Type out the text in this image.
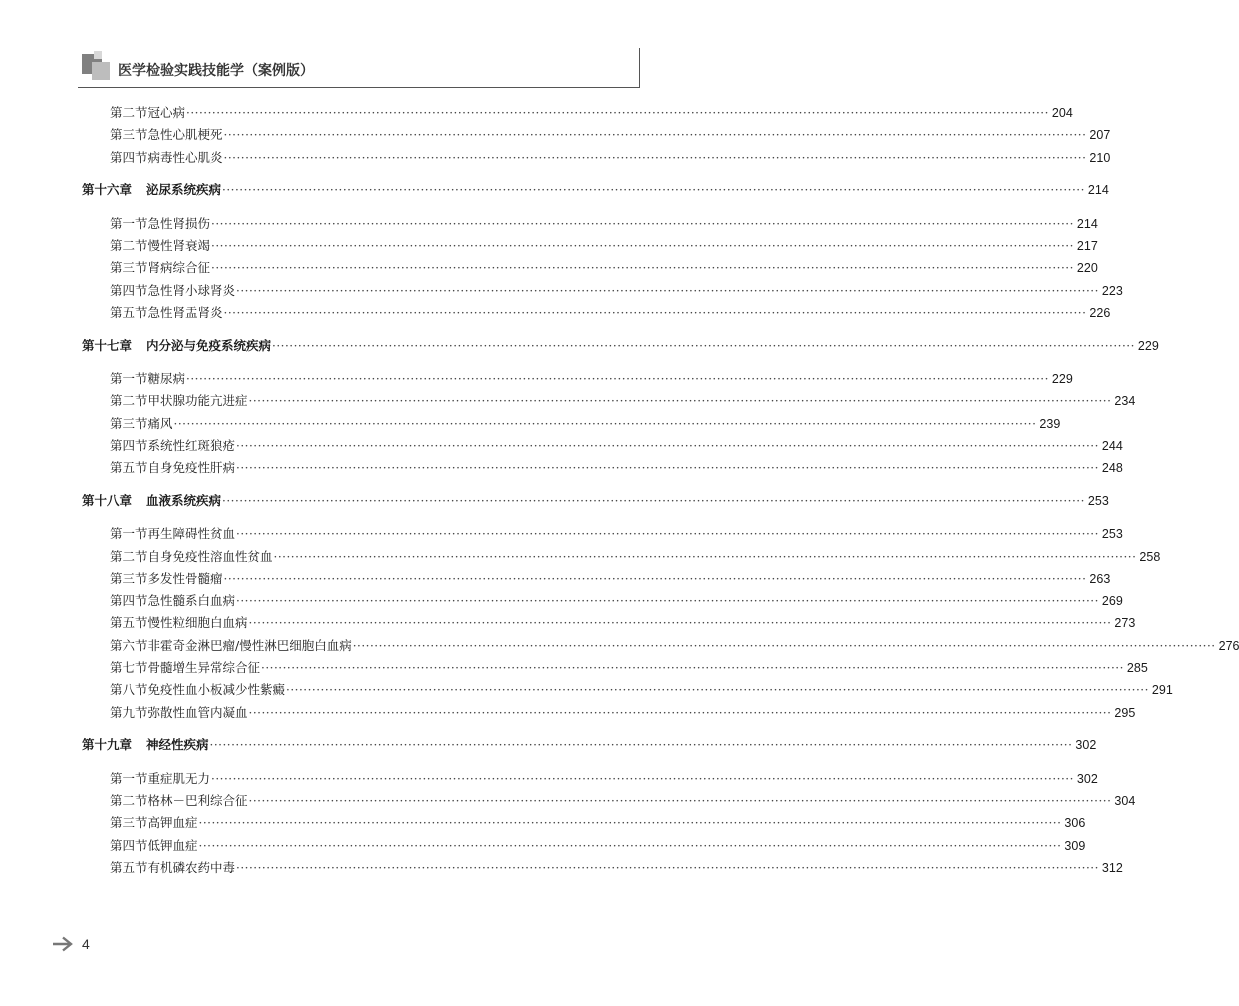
医学检验实践技能学（案例版）
第二节 冠心病 ········································································································································································································ 204
第三节 急性心肌梗死 ········································································································································································································ 207
第四节 病毒性心肌炎 ········································································································································································································ 210
第十六章 泌尿系统疾病 ········································································································································································································ 214
第一节 急性肾损伤 ········································································································································································································ 214
第二节 慢性肾衰竭 ········································································································································································································ 217
第三节 肾病综合征 ········································································································································································································ 220
第四节 急性肾小球肾炎 ········································································································································································································ 223
第五节 急性肾盂肾炎 ········································································································································································································ 226
第十七章 内分泌与免疫系统疾病 ········································································································································································································ 229
第一节 糖尿病 ········································································································································································································ 229
第二节 甲状腺功能亢进症 ········································································································································································································ 234
第三节 痛风 ········································································································································································································ 239
第四节 系统性红斑狼疮 ········································································································································································································ 244
第五节 自身免疫性肝病 ········································································································································································································ 248
第十八章 血液系统疾病 ········································································································································································································ 253
第一节 再生障碍性贫血 ········································································································································································································ 253
第二节 自身免疫性溶血性贫血 ········································································································································································································ 258
第三节 多发性骨髓瘤 ········································································································································································································ 263
第四节 急性髓系白血病 ········································································································································································································ 269
第五节 慢性粒细胞白血病 ········································································································································································································ 273
第六节 非霍奇金淋巴瘤/慢性淋巴细胞白血病 ········································································································································································································ 276
第七节 骨髓增生异常综合征 ········································································································································································································ 285
第八节 免疫性血小板减少性紫癜 ········································································································································································································ 291
第九节 弥散性血管内凝血 ········································································································································································································ 295
第十九章 神经性疾病 ········································································································································································································ 302
第一节 重症肌无力 ········································································································································································································ 302
第二节 格林－巴利综合征 ········································································································································································································ 304
第三节 高钾血症 ········································································································································································································ 306
第四节 低钾血症 ········································································································································································································ 309
第五节 有机磷农药中毒 ········································································································································································································ 312
4
